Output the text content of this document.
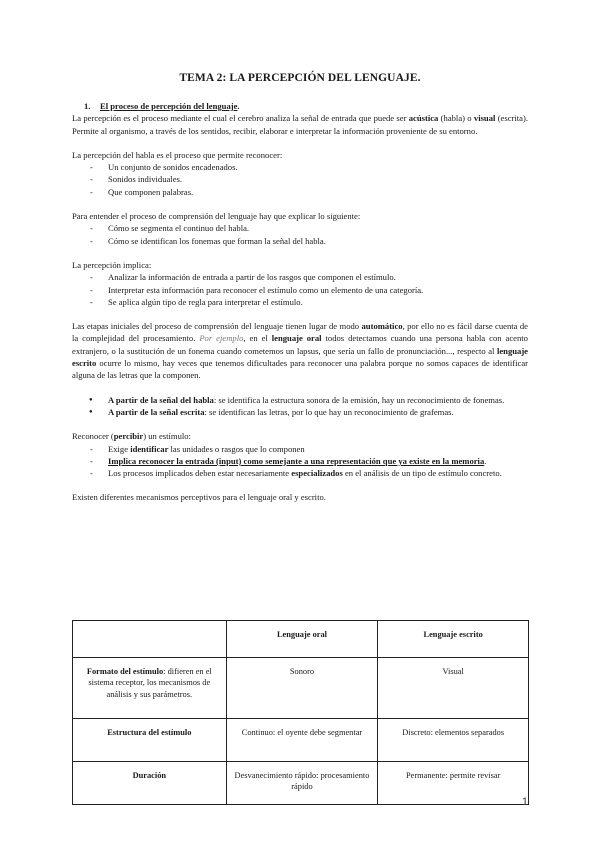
TEMA 2: LA PERCEPCIÓN DEL LENGUAJE.

1. El proceso de percepción del lenguaje.

La percepción es el proceso mediante el cual el cerebro analiza la señal de entrada que puede ser acústica (habla) o visual (escrita). Permite al organismo, a través de los sentidos, recibir, elaborar e interpretar la información proveniente de su entorno.

La percepción del habla es el proceso que permite reconocer:

- Un conjunto de sonidos encadenados.
- Sonidos individuales.
- Que componen palabras.

Para entender el proceso de comprensión del lenguaje hay que explicar lo siguiente:

- Cómo se segmenta el continuo del habla.
- Cómo se identifican los fonemas que forman la señal del habla.

La percepción implica:

- Analizar la información de entrada a partir de los rasgos que componen el estímulo.
- Interpretar esta información para reconocer el estímulo como un elemento de una categoría.
- Se aplica algún tipo de regla para interpretar el estímulo.

Las etapas iniciales del proceso de comprensión del lenguaje tienen lugar de modo automático, por ello no es fácil darse cuenta de la complejidad del procesamiento. Por ejemplo, en el lenguaje oral todos detectamos cuando una persona habla con acento extranjero, o la sustitución de un fonema cuando cometemos un lapsus, que sería un fallo de pronunciación..., respecto al lenguaje escrito ocurre lo mismo, hay veces que tenemos dificultades para reconocer una palabra porque no somos capaces de identificar alguna de las letras que la componen.

● A partir de la señal del habla: se identifica la estructura sonora de la emisión, hay un reconocimiento de fonemas.
● A partir de la señal escrita: se identifican las letras, por lo que hay un reconocimiento de grafemas.

Reconocer (percibir) un estímulo:

- Exige identificar las unidades o rasgos que lo componen
- Implica reconocer la entrada (input) como semejante a una representación que ya existe en la memoria.
- Los procesos implicados deben estar necesariamente especializados en el análisis de un tipo de estímulo concreto.

Existen diferentes mecanismos perceptivos para el lenguaje oral y escrito.

	Lenguaje oral	Lenguaje escrito
Formato del estímulo: difieren en el sistema receptor, los mecanismos de análisis y sus parámetros.	Sonoro	Visual
Estructura del estímulo	Continuo: el oyente debe segmentar	Discreto: elementos separados
Duración	Desvanecimiento rápido: procesamiento rápido	Permanente: permite revisar
1
